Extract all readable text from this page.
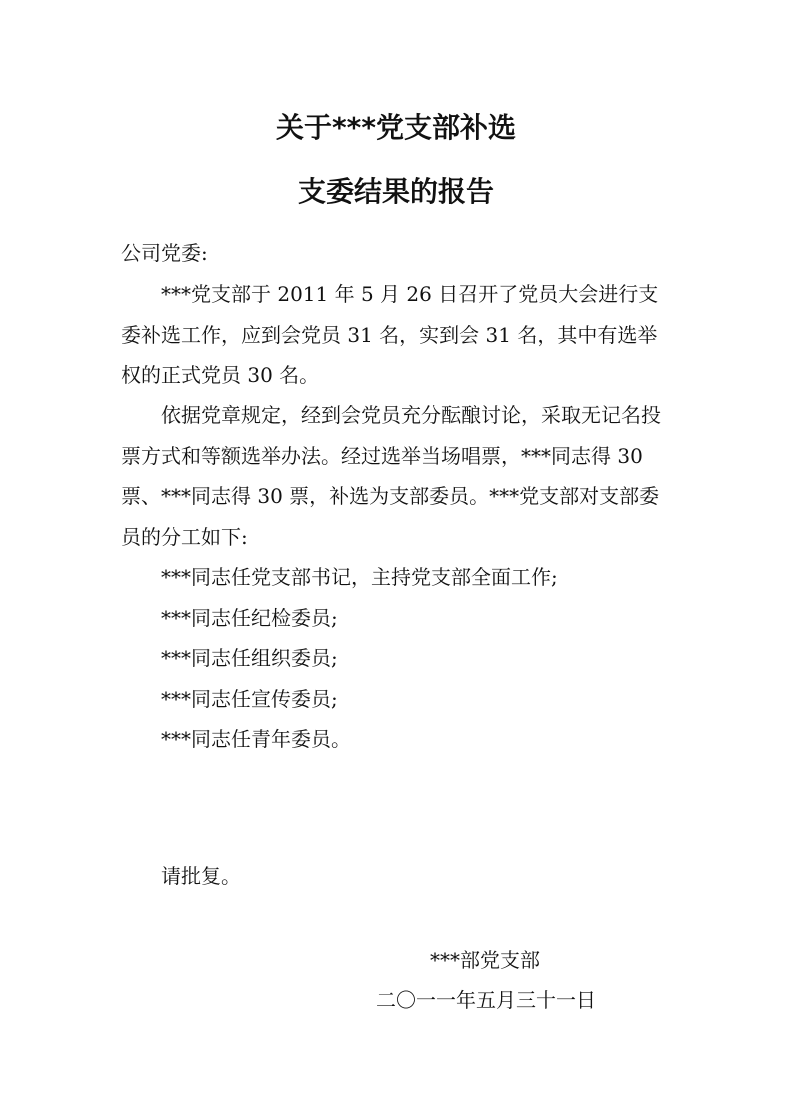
关于***党支部补选
支委结果的报告

公司党委:

***党支部于 2011 年 5 月 26 日召开了党员大会进行支委补选工作，应到会党员 31 名，实到会 31 名，其中有选举权的正式党员 30 名。

依据党章规定，经到会党员充分酝酿讨论，采取无记名投票方式和等额选举办法。经过选举当场唱票，***同志得 30 票、***同志得 30 票，补选为支部委员。***党支部对支部委员的分工如下:

***同志任党支部书记，主持党支部全面工作;
***同志任纪检委员;
***同志任组织委员;
***同志任宣传委员;
***同志任青年委员。

请批复。

***部党支部

二〇一一年五月三十一日
